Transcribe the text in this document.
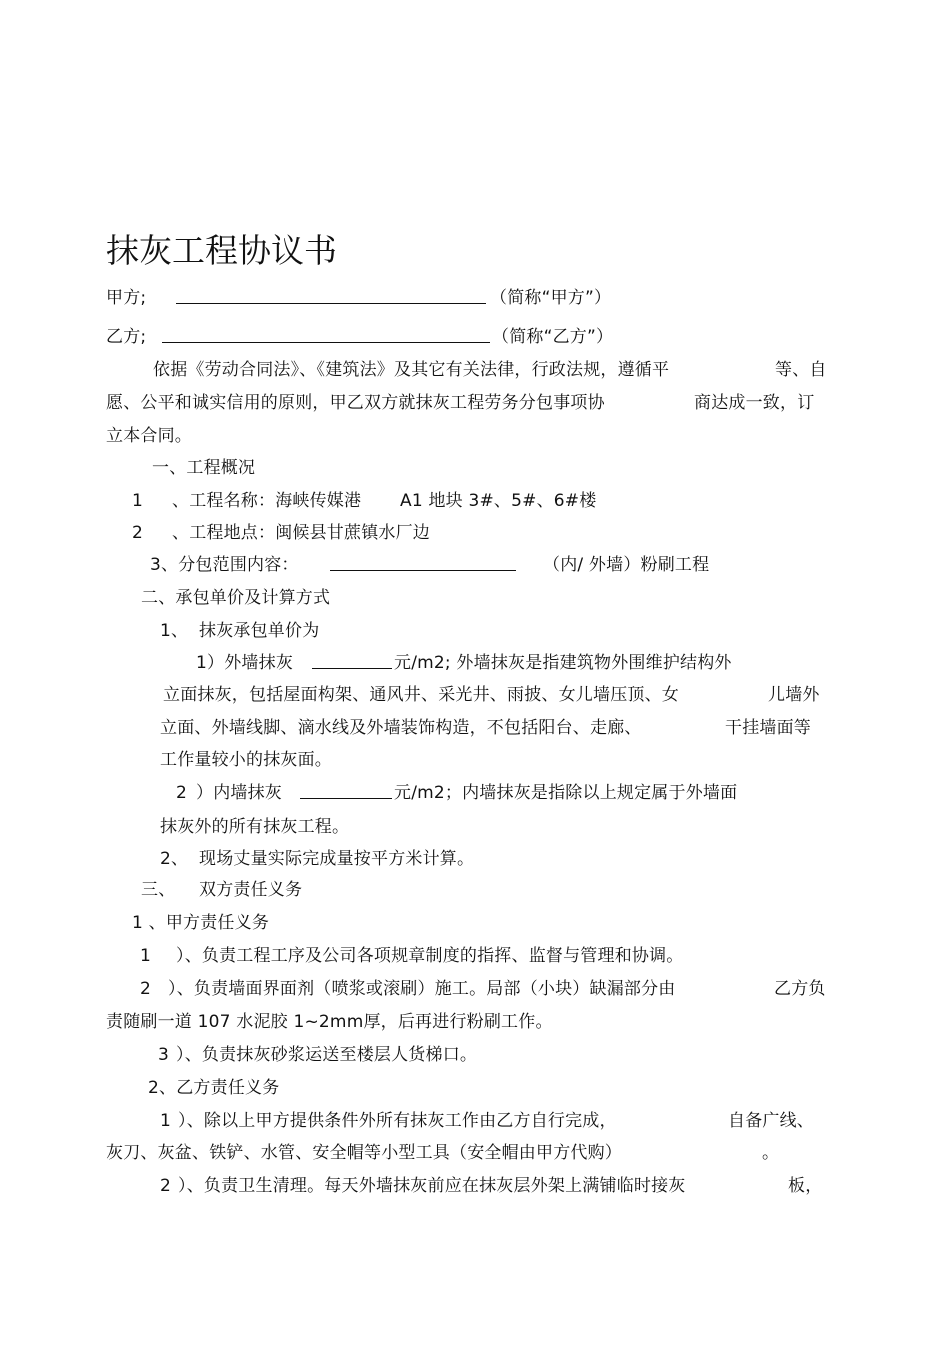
抹灰工程协议书
甲方;	（简称“甲方”）
乙方;	（简称“乙方”）
依据《劳动合同法》、《建筑法》及其它有关法律，行政法规，遵循平	等、自
愿、公平和诚实信用的原则，甲乙双方就抹灰工程劳务分包事项协	商达成一致，订
立本合同。
一、工程概况
1 、工程名称：海峡传媒港 A1 地块 3#、5#、6#楼
2 、工程地点：闽候县甘蔗镇水厂边
3、分包范围内容：	（内/ 外墙）粉刷工程
二、承包单价及计算方式
1、 抹灰承包单价为
1）外墙抹灰	元/m2; 外墙抹灰是指建筑物外围维护结构外
立面抹灰，包括屋面构架、通风井、采光井、雨披、女儿墙压顶、女	儿墙外
立面、外墙线脚、滴水线及外墙装饰构造，不包括阳台、走廊、	干挂墙面等
工作量较小的抹灰面。
2 ）内墙抹灰	元/m2；内墙抹灰是指除以上规定属于外墙面
抹灰外的所有抹灰工程。
2、 现场丈量实际完成量按平方米计算。
三、 双方责任义务
1 、甲方责任义务
1 ）、负责工程工序及公司各项规章制度的指挥、监督与管理和协调。
2 ）、负责墙面界面剂（喷浆或滚刷）施工。局部（小块）缺漏部分由	乙方负
责随刷一道 107 水泥胶 1~2mm厚，后再进行粉刷工作。
3 ）、负责抹灰砂浆运送至楼层人货梯口。
2、乙方责任义务
1 ）、除以上甲方提供条件外所有抹灰工作由乙方自行完成，	自备广线、
灰刀、灰盆、铁铲、水管、安全帽等小型工具（安全帽由甲方代购）	。
2 ）、负责卫生清理。每天外墙抹灰前应在抹灰层外架上满铺临时接灰	板，
